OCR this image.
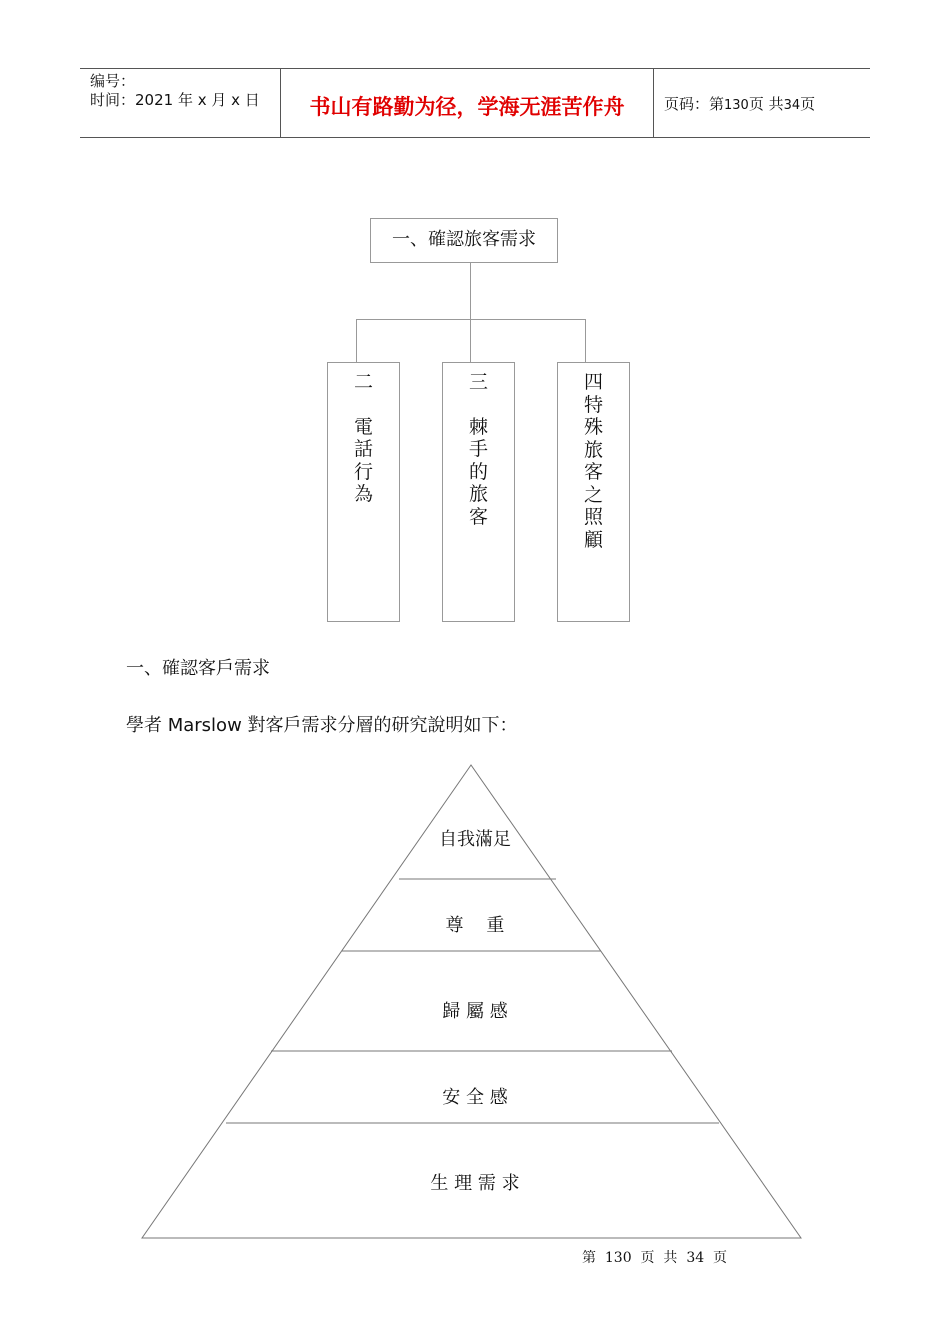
编号：
时间：2021 年 x 月 x 日	书山有路勤为径，学海无涯苦作舟	页码：第130页 共34页
一、確認旅客需求
二

電
話
行
為
三

棘
手
的
旅
客
四
特
殊
旅
客
之
照
顧
一、確認客戶需求
學者 Marslow 對客戶需求分層的研究說明如下：
自我滿足
尊    重
歸 屬 感
安 全 感
生 理 需 求
第  130  页  共  34  页
